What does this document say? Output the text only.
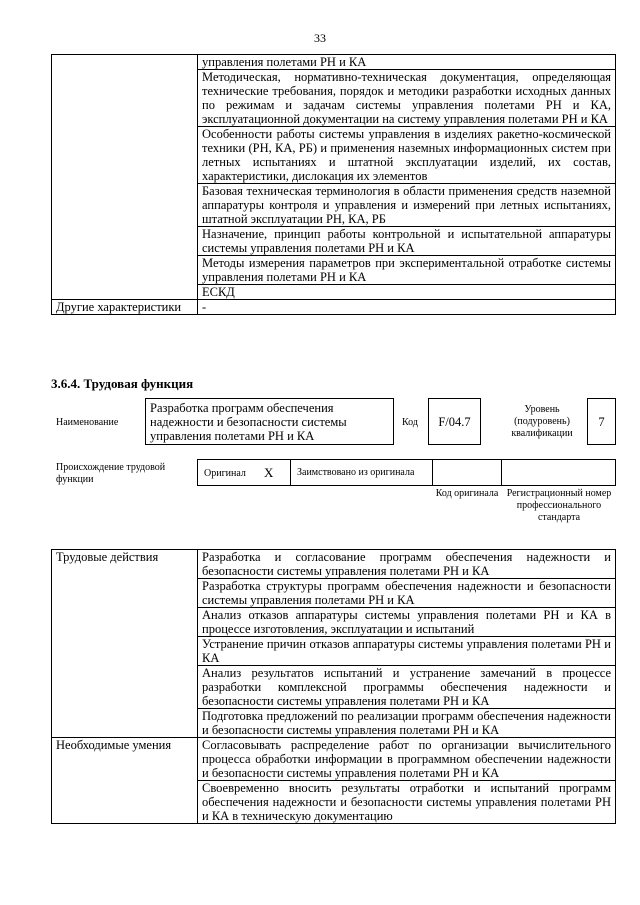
33
	управления полетами РН и КА
	Методическая, нормативно-техническая документация, определяющая технические требования, порядок и методики разработки исходных данных по режимам и задачам системы управления полетами РН и КА, эксплуатационной документации на систему управления полетами РН и КА
	Особенности работы системы управления в изделиях ракетно-космической техники (РН, КА, РБ) и применения наземных информационных систем при летных испытаниях и штатной эксплуатации изделий, их состав, характеристики, дислокация их элементов
	Базовая техническая терминология в области применения средств наземной аппаратуры контроля и управления и измерений при летных испытаниях, штатной эксплуатации РН, КА, РБ
	Назначение, принцип работы контрольной и испытательной аппаратуры системы управления полетами РН и КА
	Методы измерения параметров при экспериментальной отработке системы управления полетами РН и КА
	ЕСКД
Другие характеристики	-
3.6.4. Трудовая функция
Наименование
Разработка программ обеспечения надежности и безопасности системы управления полетами РН и КА
Код	F/04.7
Уровень (подуровень) квалификации
7
Происхождение трудовой функции
Оригинал X	Заимствовано из оригинала
Код оригинала Регистрационный номер профессионального стандарта
Трудовые действия	Разработка и согласование программ обеспечения надежности и безопасности системы управления полетами РН и КА
	Разработка структуры программ обеспечения надежности и безопасности системы управления полетами РН и КА
	Анализ отказов аппаратуры системы управления полетами РН и КА в процессе изготовления, эксплуатации и испытаний
	Устранение причин отказов аппаратуры системы управления полетами РН и КА
	Анализ результатов испытаний и устранение замечаний в процессе разработки комплексной программы обеспечения надежности и безопасности системы управления полетами РН и КА
	Подготовка предложений по реализации программ обеспечения надежности и безопасности системы управления полетами РН и КА
Необходимые умения	Согласовывать распределение работ по организации вычислительного процесса обработки информации в программном обеспечении надежности и безопасности системы управления полетами РН и КА
	Своевременно вносить результаты отработки и испытаний программ обеспечения надежности и безопасности системы управления полетами РН и КА в техническую документацию
